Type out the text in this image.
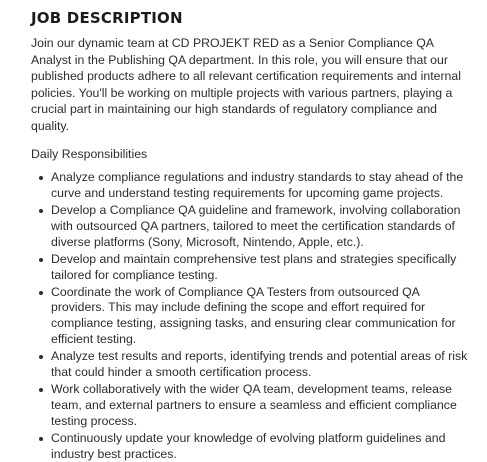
JOB DESCRIPTION

Join our dynamic team at CD PROJEKT RED as a Senior Compliance QA Analyst in the Publishing QA department. In this role, you will ensure that our published products adhere to all relevant certification requirements and internal policies. You'll be working on multiple projects with various partners, playing a crucial part in maintaining our high standards of regulatory compliance and quality.

Daily Responsibilities

Analyze compliance regulations and industry standards to stay ahead of the curve and understand testing requirements for upcoming game projects.
Develop a Compliance QA guideline and framework, involving collaboration with outsourced QA partners, tailored to meet the certification standards of diverse platforms (Sony, Microsoft, Nintendo, Apple, etc.).
Develop and maintain comprehensive test plans and strategies specifically tailored for compliance testing.
Coordinate the work of Compliance QA Testers from outsourced QA providers. This may include defining the scope and effort required for compliance testing, assigning tasks, and ensuring clear communication for efficient testing.
Analyze test results and reports, identifying trends and potential areas of risk that could hinder a smooth certification process.
Work collaboratively with the wider QA team, development teams, release team, and external partners to ensure a seamless and efficient compliance testing process.
Continuously update your knowledge of evolving platform guidelines and industry best practices.
